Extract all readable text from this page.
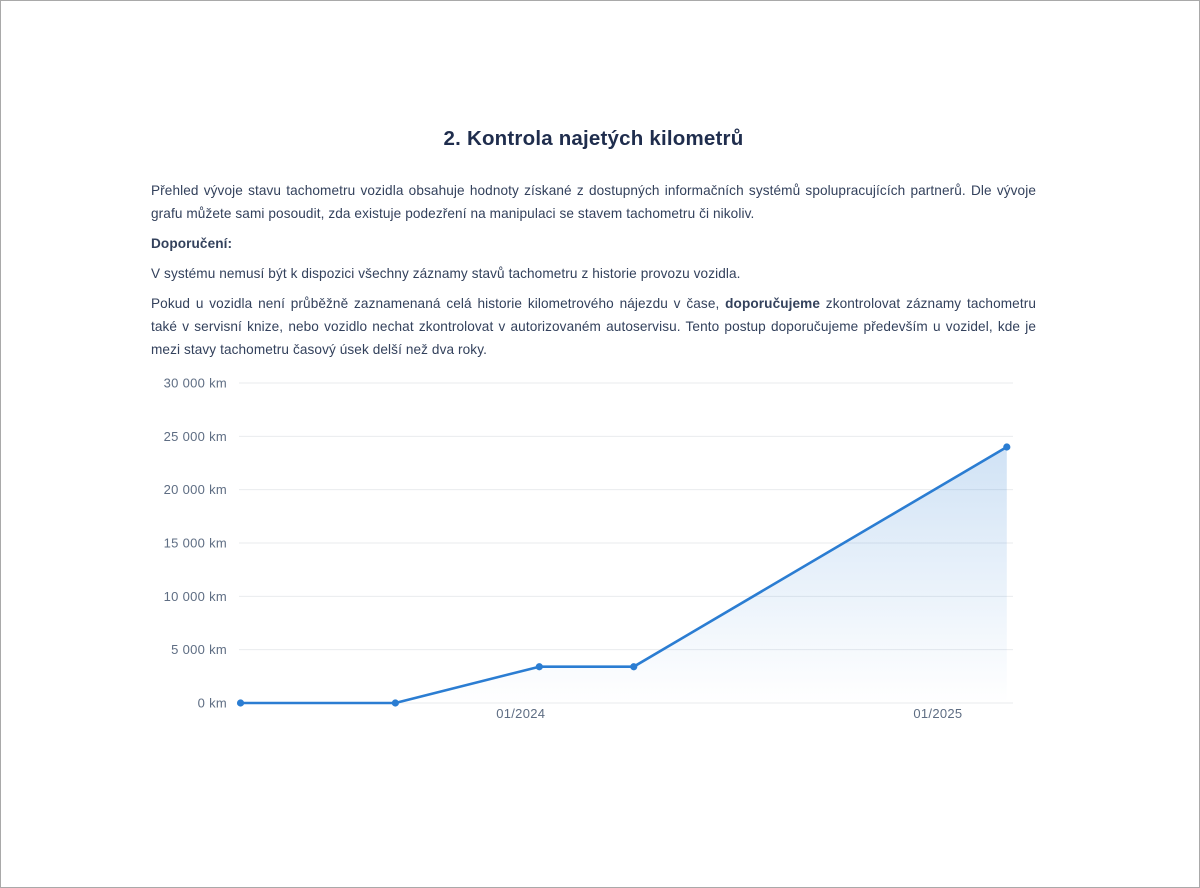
2. Kontrola najetých kilometrů

Přehled vývoje stavu tachometru vozidla obsahuje hodnoty získané z dostupných informačních systémů spolupracujících partnerů. Dle vývoje grafu můžete sami posoudit, zda existuje podezření na manipulaci se stavem tachometru či nikoliv.

Doporučení:

V systému nemusí být k dispozici všechny záznamy stavů tachometru z historie provozu vozidla.

Pokud u vozidla není průběžně zaznamenaná celá historie kilometrového nájezdu v čase, doporučujeme zkontrolovat záznamy tachometru také v servisní knize, nebo vozidlo nechat zkontrolovat v autorizovaném autoservisu. Tento postup doporučujeme především u vozidel, kde je mezi stavy tachometru časový úsek delší než dva roky.

30 000 km
25 000 km
20 000 km
15 000 km
10 000 km
5 000 km
0 km
01/2024	01/2025
